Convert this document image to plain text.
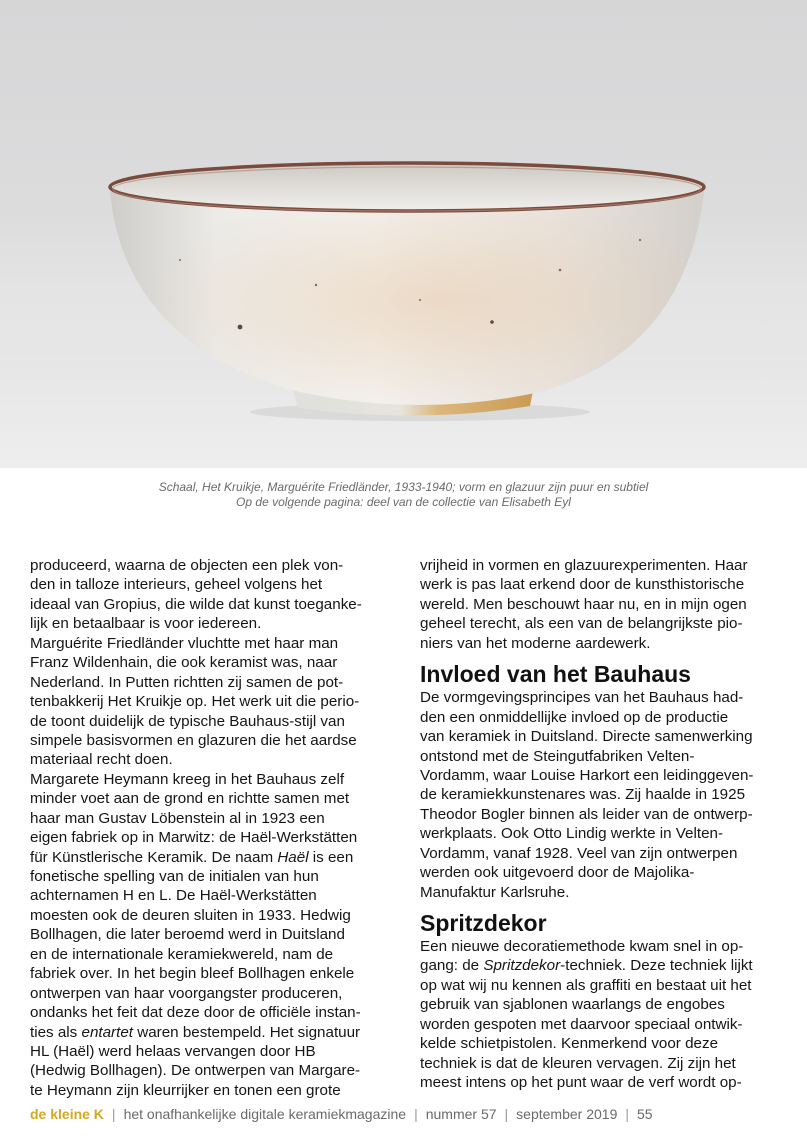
Schaal, Het Kruikje, Marguérite Friedländer, 1933-1940; vorm en glazuur zijn puur en subtiel
Op de volgende pagina: deel van de collectie van Elisabeth Eyl
produceerd, waarna de objecten een plek von-
den in talloze interieurs, geheel volgens het
ideaal van Gropius, die wilde dat kunst toeganke-
lijk en betaalbaar is voor iedereen.
Marguérite Friedländer vluchtte met haar man
Franz Wildenhain, die ook keramist was, naar
Nederland. In Putten richtten zij samen de pot-
tenbakkerij Het Kruikje op. Het werk uit die perio-
de toont duidelijk de typische Bauhaus-stijl van
simpele basisvormen en glazuren die het aardse
materiaal recht doen.
Margarete Heymann kreeg in het Bauhaus zelf
minder voet aan de grond en richtte samen met
haar man Gustav Löbenstein al in 1923 een
eigen fabriek op in Marwitz: de Haël-Werkstätten
für Künstlerische Keramik. De naam Haël is een
fonetische spelling van de initialen van hun
achternamen H en L. De Haël-Werkstätten
moesten ook de deuren sluiten in 1933. Hedwig
Bollhagen, die later beroemd werd in Duitsland
en de internationale keramiekwereld, nam de
fabriek over. In het begin bleef Bollhagen enkele
ontwerpen van haar voorgangster produceren,
ondanks het feit dat deze door de officiële instan-
ties als entartet waren bestempeld. Het signatuur
HL (Haël) werd helaas vervangen door HB
(Hedwig Bollhagen). De ontwerpen van Margare-
te Heymann zijn kleurrijker en tonen een grote
vrijheid in vormen en glazuurexperimenten. Haar
werk is pas laat erkend door de kunsthistorische
wereld. Men beschouwt haar nu, en in mijn ogen
geheel terecht, als een van de belangrijkste pio-
niers van het moderne aardewerk.
Invloed van het Bauhaus
De vormgevingsprincipes van het Bauhaus had-
den een onmiddellijke invloed op de productie
van keramiek in Duitsland. Directe samenwerking
ontstond met de Steingutfabriken Velten-
Vordamm, waar Louise Harkort een leidinggeven-
de keramiekkunstenares was. Zij haalde in 1925
Theodor Bogler binnen als leider van de ontwerp-
werkplaats. Ook Otto Lindig werkte in Velten-
Vordamm, vanaf 1928. Veel van zijn ontwerpen
werden ook uitgevoerd door de Majolika-
Manufaktur Karlsruhe.
Spritzdekor
Een nieuwe decoratiemethode kwam snel in op-
gang: de Spritzdekor-techniek. Deze techniek lijkt
op wat wij nu kennen als graffiti en bestaat uit het
gebruik van sjablonen waarlangs de engobes
worden gespoten met daarvoor speciaal ontwik-
kelde schietpistolen. Kenmerkend voor deze
techniek is dat de kleuren vervagen. Zij zijn het
meest intens op het punt waar de verf wordt op-
de kleine K | het onafhankelijke digitale keramiekmagazine | nummer 57 | september 2019 | 55
